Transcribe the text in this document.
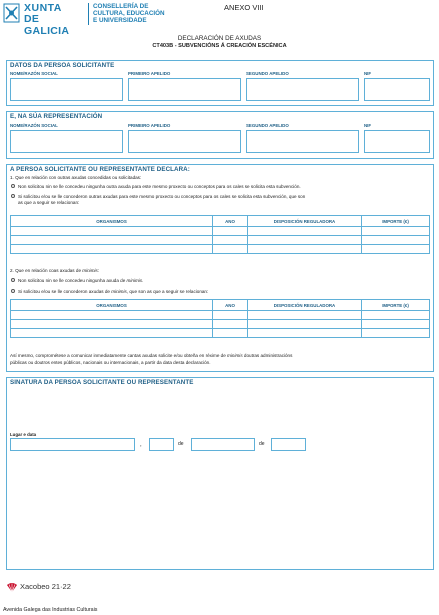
XUNTA
DE GALICIA
CONSELLERÍA DE
CULTURA, EDUCACIÓN
E UNIVERSIDADE
ANEXO VIII
DECLARACIÓN DE AXUDAS
CT403B - SUBVENCIÓNS Á CREACIÓN ESCÉNICA
DATOS DA PERSOA SOLICITANTE
NOME/RAZÓN SOCIAL	PRIMEIRO APELIDO	SEGUNDO APELIDO	NIF
E, NA SÚA REPRESENTACIÓN
NOME/RAZÓN SOCIAL	PRIMEIRO APELIDO	SEGUNDO APELIDO	NIF
A PERSOA SOLICITANTE OU REPRESENTANTE DECLARA:
1. Que en relación con outras axudas concedidas ou solicitadas:
Non solicitou nin se lle concedeu ningunha outra axuda para este mesmo proxecto ou conceptos para os cales se solicita esta subvención.
Si solicitou e/ou se lle concederon outras axudas para este mesmo proxecto ou conceptos para os cales se solicita esta subvención, que son
as que a seguir se relacionan:
ORGANISMOS	ANO	DISPOSICIÓN REGULADORA	IMPORTE (€)

2. Que en relación coas axudas de minimis:
Non solicitou nin se lle concedeu ningunha axuda de minimis.
Si solicitou e/ou se lle concederon axudas de minimis, que son as que a seguir se relacionan:
ORGANISMOS	ANO	DISPOSICIÓN REGULADORA	IMPORTE (€)

Así mesmo, comprométese a comunicar inmediatamente cantas axudas solicite e/ou obteña en réxime de minimis doutras administracións
públicas ou doutros entes públicos, nacionais ou internacionais, a partir da data desta declaración.
SINATURA DA PERSOA SOLICITANTE OU REPRESENTANTE
Lugar e data
,	de	de
Xacobeo 21·22
Avenida Galega das Industrias Culturais
